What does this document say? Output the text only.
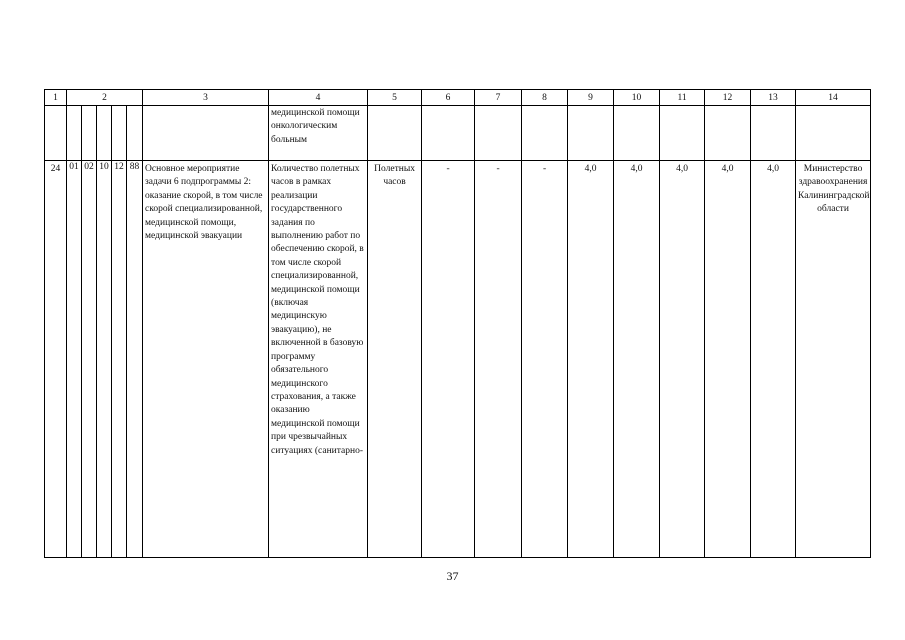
1	2					3	4	5	6	7	8	9	10	11	12	13	14
							медицинской помощи онкологическим больным										
24	01	02	10	12	88	Основное мероприятие задачи 6 подпрограммы 2: оказание скорой, в том числе скорой специализированной, медицинской помощи, медицинской эвакуации	Количество полетных часов в рамках реализации государственного задания по выполнению работ по обеспечению скорой, в том числе скорой специализированной, медицинской помощи (включая медицинскую эвакуацию), не включенной в базовую программу обязательного медицинского страхования, а также оказанию медицинской помощи при чрезвычайных ситуациях (санитарно-	Полетных часов	-	-	-	4,0	4,0	4,0	4,0	4,0	Министерство здравоохранения Калининградской области
37
